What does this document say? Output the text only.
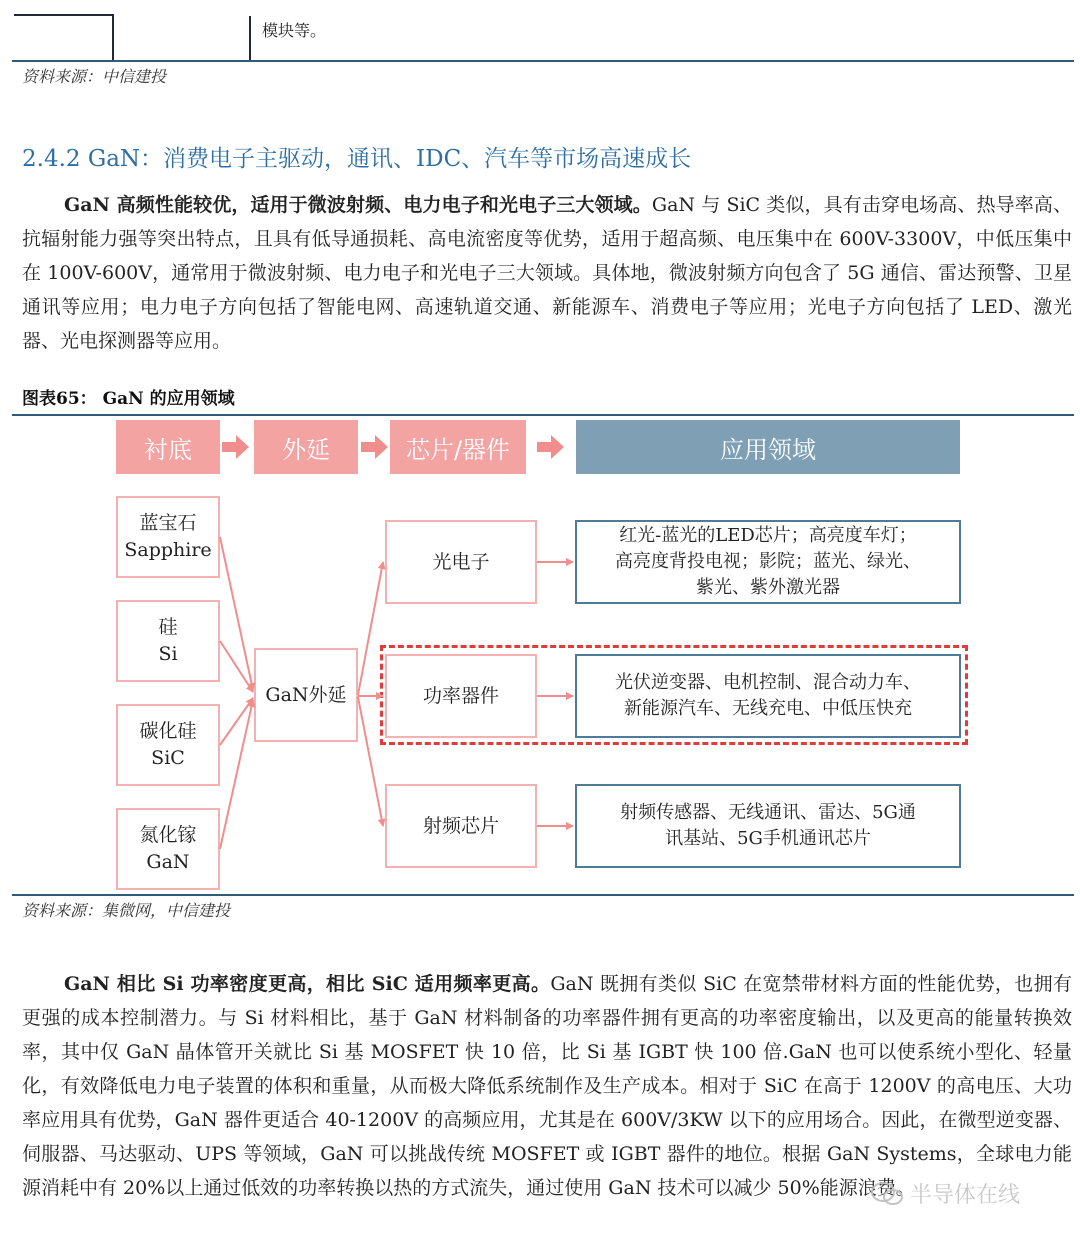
模块等。
资料来源：中信建投
2.4.2 GaN：消费电子主驱动，通讯、IDC、汽车等市场高速成长
GaN 高频性能较优，适用于微波射频、电力电子和光电子三大领域。GaN 与 SiC 类似，具有击穿电场高、热导率高、抗辐射能力强等突出特点，且具有低导通损耗、高电流密度等优势，适用于超高频、电压集中在 600V-3300V，中低压集中在 100V-600V，通常用于微波射频、电力电子和光电子三大领域。具体地，微波射频方向包含了 5G 通信、雷达预警、卫星通讯等应用；电力电子方向包括了智能电网、高速轨道交通、新能源车、消费电子等应用；光电子方向包括了 LED、激光器、光电探测器等应用。
图表65： GaN 的应用领域
衬底	外延	芯片/器件	应用领域
蓝宝石
Sapphire
硅
Si
碳化硅
SiC
氮化镓
GaN
GaN外延
光电子
功率器件
射频芯片
红光-蓝光的LED芯片；高亮度车灯；
高亮度背投电视；影院；蓝光、绿光、
紫光、紫外激光器
光伏逆变器、电机控制、混合动力车、
新能源汽车、无线充电、中低压快充
射频传感器、无线通讯、雷达、5G通
讯基站、5G手机通讯芯片
资料来源：集微网，中信建投
GaN 相比 Si 功率密度更高，相比 SiC 适用频率更高。GaN 既拥有类似 SiC 在宽禁带材料方面的性能优势，也拥有更强的成本控制潜力。与 Si 材料相比，基于 GaN 材料制备的功率器件拥有更高的功率密度输出，以及更高的能量转换效率，其中仅 GaN 晶体管开关就比 Si 基 MOSFET 快 10 倍，比 Si 基 IGBT 快 100 倍.GaN 也可以使系统小型化、轻量化，有效降低电力电子装置的体积和重量，从而极大降低系统制作及生产成本。相对于 SiC 在高于 1200V 的高电压、大功率应用具有优势，GaN 器件更适合 40-1200V 的高频应用，尤其是在 600V/3KW 以下的应用场合。因此，在微型逆变器、伺服器、马达驱动、UPS 等领域，GaN 可以挑战传统 MOSFET 或 IGBT 器件的地位。根据 GaN Systems，全球电力能源消耗中有 20%以上通过低效的功率转换以热的方式流失，通过使用 GaN 技术可以减少 50%能源浪费。
半导体在线
